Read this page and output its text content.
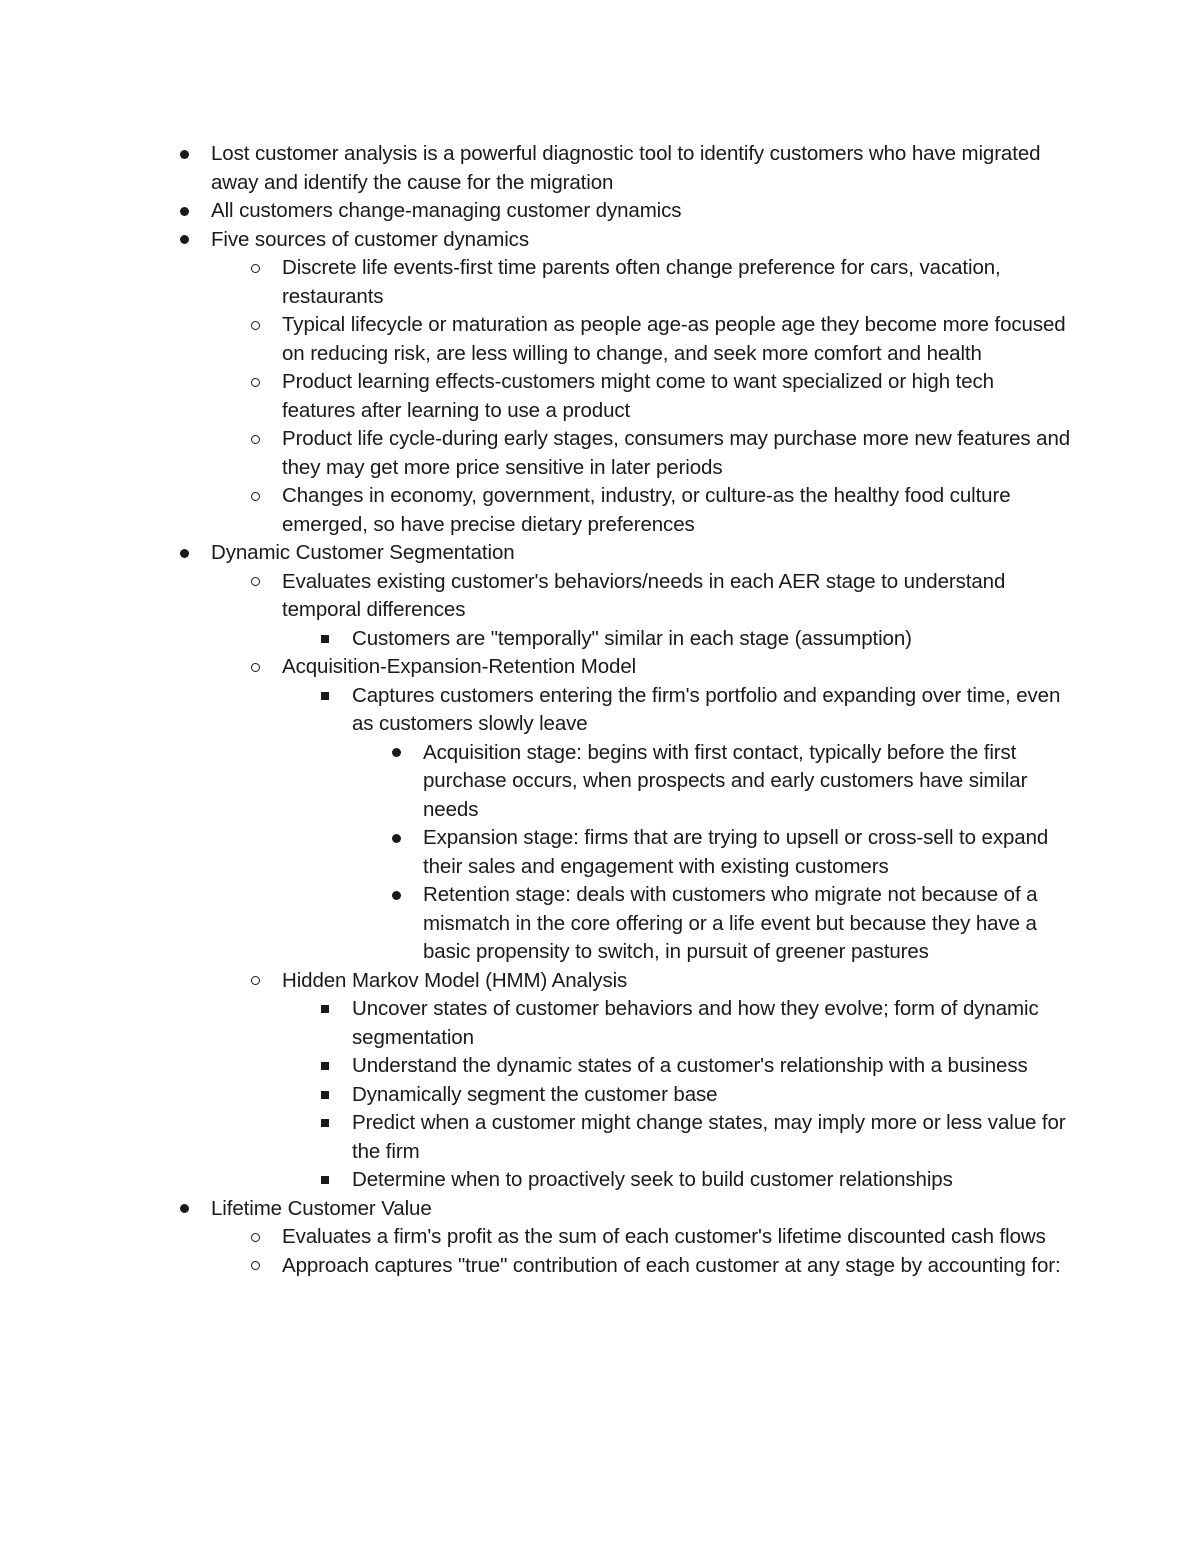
Lost customer analysis is a powerful diagnostic tool to identify customers who have migrated away and identify the cause for the migration
All customers change-managing customer dynamics
Five sources of customer dynamics
Discrete life events-first time parents often change preference for cars, vacation, restaurants
Typical lifecycle or maturation as people age-as people age they become more focused on reducing risk, are less willing to change, and seek more comfort and health
Product learning effects-customers might come to want specialized or high tech features after learning to use a product
Product life cycle-during early stages, consumers may purchase more new features and they may get more price sensitive in later periods
Changes in economy, government, industry, or culture-as the healthy food culture emerged, so have precise dietary preferences
Dynamic Customer Segmentation
Evaluates existing customer's behaviors/needs in each AER stage to understand temporal differences
Customers are "temporally" similar in each stage (assumption)
Acquisition-Expansion-Retention Model
Captures customers entering the firm's portfolio and expanding over time, even as customers slowly leave
Acquisition stage: begins with first contact, typically before the first purchase occurs, when prospects and early customers have similar needs
Expansion stage: firms that are trying to upsell or cross-sell to expand their sales and engagement with existing customers
Retention stage: deals with customers who migrate not because of a mismatch in the core offering or a life event but because they have a basic propensity to switch, in pursuit of greener pastures
Hidden Markov Model (HMM) Analysis
Uncover states of customer behaviors and how they evolve; form of dynamic segmentation
Understand the dynamic states of a customer's relationship with a business
Dynamically segment the customer base
Predict when a customer might change states, may imply more or less value for the firm
Determine when to proactively seek to build customer relationships
Lifetime Customer Value
Evaluates a firm's profit as the sum of each customer's lifetime discounted cash flows
Approach captures "true" contribution of each customer at any stage by accounting for:
